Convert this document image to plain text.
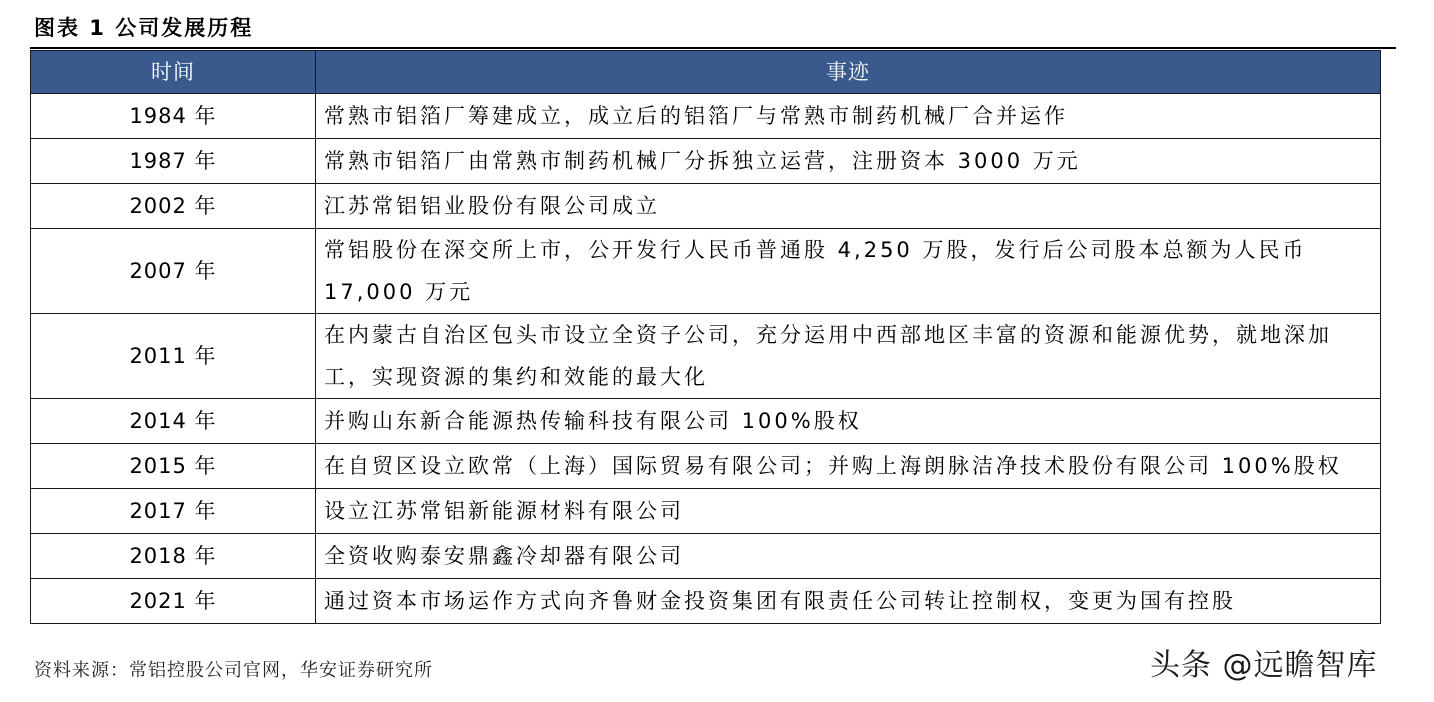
图表 1 公司发展历程
时间	事迹
1984 年	常熟市铝箔厂筹建成立，成立后的铝箔厂与常熟市制药机械厂合并运作
1987 年	常熟市铝箔厂由常熟市制药机械厂分拆独立运营，注册资本 3000 万元
2002 年	江苏常铝铝业股份有限公司成立
2007 年	常铝股份在深交所上市，公开发行人民币普通股 4,250 万股，发行后公司股本总额为人民币 17,000 万元
2011 年	在内蒙古自治区包头市设立全资子公司，充分运用中西部地区丰富的资源和能源优势，就地深加工，实现资源的集约和效能的最大化
2014 年	并购山东新合能源热传输科技有限公司 100%股权
2015 年	在自贸区设立欧常（上海）国际贸易有限公司；并购上海朗脉洁净技术股份有限公司 100%股权
2017 年	设立江苏常铝新能源材料有限公司
2018 年	全资收购泰安鼎鑫冷却器有限公司
2021 年	通过资本市场运作方式向齐鲁财金投资集团有限责任公司转让控制权，变更为国有控股
资料来源：常铝控股公司官网，华安证券研究所	头条 @远瞻智库
